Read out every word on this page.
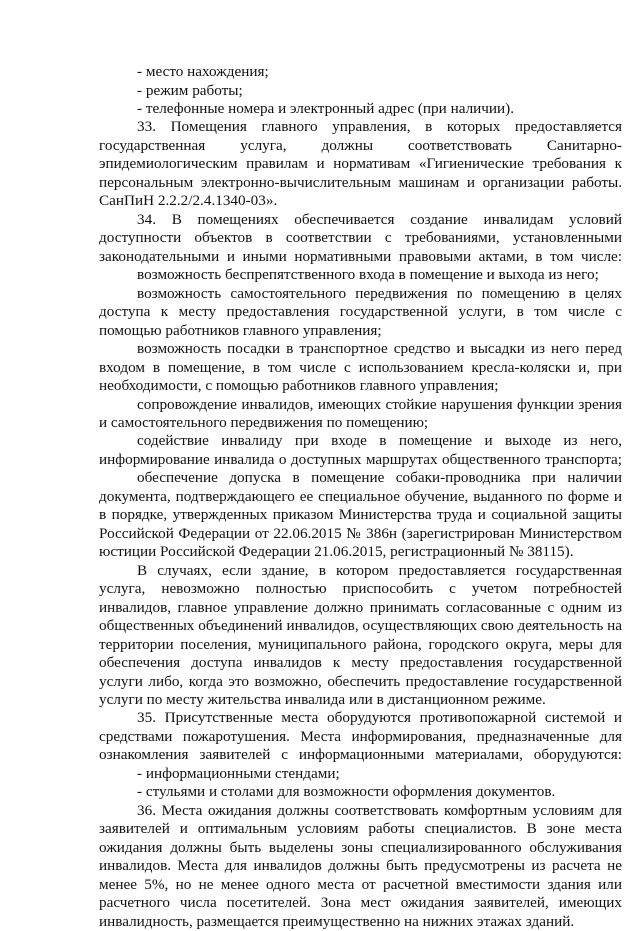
- место нахождения;
- режим работы;
- телефонные номера и электронный адрес (при наличии).
33. Помещения главного управления, в которых предоставляется
государственная услуга, должны соответствовать Санитарно-
эпидемиологическим правилам и нормативам «Гигиенические требования к
персональным электронно-вычислительным машинам и организации работы.
СанПиН 2.2.2/2.4.1340-03».
34. В помещениях обеспечивается создание инвалидам условий
доступности объектов в соответствии с требованиями, установленными
законодательными и иными нормативными правовыми актами, в том числе:
возможность беспрепятственного входа в помещение и выхода из него;
возможность самостоятельного передвижения по помещению в целях
доступа к месту предоставления государственной услуги, в том числе с
помощью работников главного управления;
возможность посадки в транспортное средство и высадки из него перед
входом в помещение, в том числе с использованием кресла-коляски и, при
необходимости, с помощью работников главного управления;
сопровождение инвалидов, имеющих стойкие нарушения функции зрения
и самостоятельного передвижения по помещению;
содействие инвалиду при входе в помещение и выходе из него,
информирование инвалида о доступных маршрутах общественного транспорта;
обеспечение допуска в помещение собаки-проводника при наличии
документа, подтверждающего ее специальное обучение, выданного по форме и
в порядке, утвержденных приказом Министерства труда и социальной защиты
Российской Федерации от 22.06.2015 № 386н (зарегистрирован Министерством
юстиции Российской Федерации 21.06.2015, регистрационный № 38115).
В случаях, если здание, в котором предоставляется государственная
услуга, невозможно полностью приспособить с учетом потребностей
инвалидов, главное управление должно принимать согласованные с одним из
общественных объединений инвалидов, осуществляющих свою деятельность на
территории поселения, муниципального района, городского округа, меры для
обеспечения доступа инвалидов к месту предоставления государственной
услуги либо, когда это возможно, обеспечить предоставление государственной
услуги по месту жительства инвалида или в дистанционном режиме.
35. Присутственные места оборудуются противопожарной системой и
средствами пожаротушения. Места информирования, предназначенные для
ознакомления заявителей с информационными материалами, оборудуются:
- информационными стендами;
- стульями и столами для возможности оформления документов.
36. Места ожидания должны соответствовать комфортным условиям для
заявителей и оптимальным условиям работы специалистов. В зоне места
ожидания должны быть выделены зоны специализированного обслуживания
инвалидов. Места для инвалидов должны быть предусмотрены из расчета не
менее 5%, но не менее одного места от расчетной вместимости здания или
расчетного числа посетителей. Зона мест ожидания заявителей, имеющих
инвалидность, размещается преимущественно на нижних этажах зданий.
